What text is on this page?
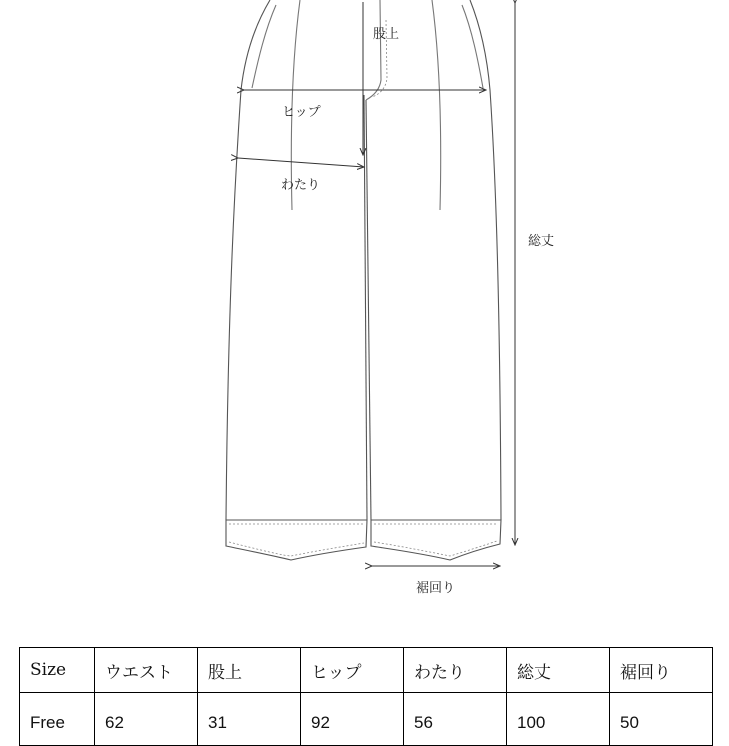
股上
ヒップ
わたり
総丈
裾回り
Size	ウエスト	股上	ヒップ	わたり	総丈	裾回り
Free	62	31	92	56	100	50
